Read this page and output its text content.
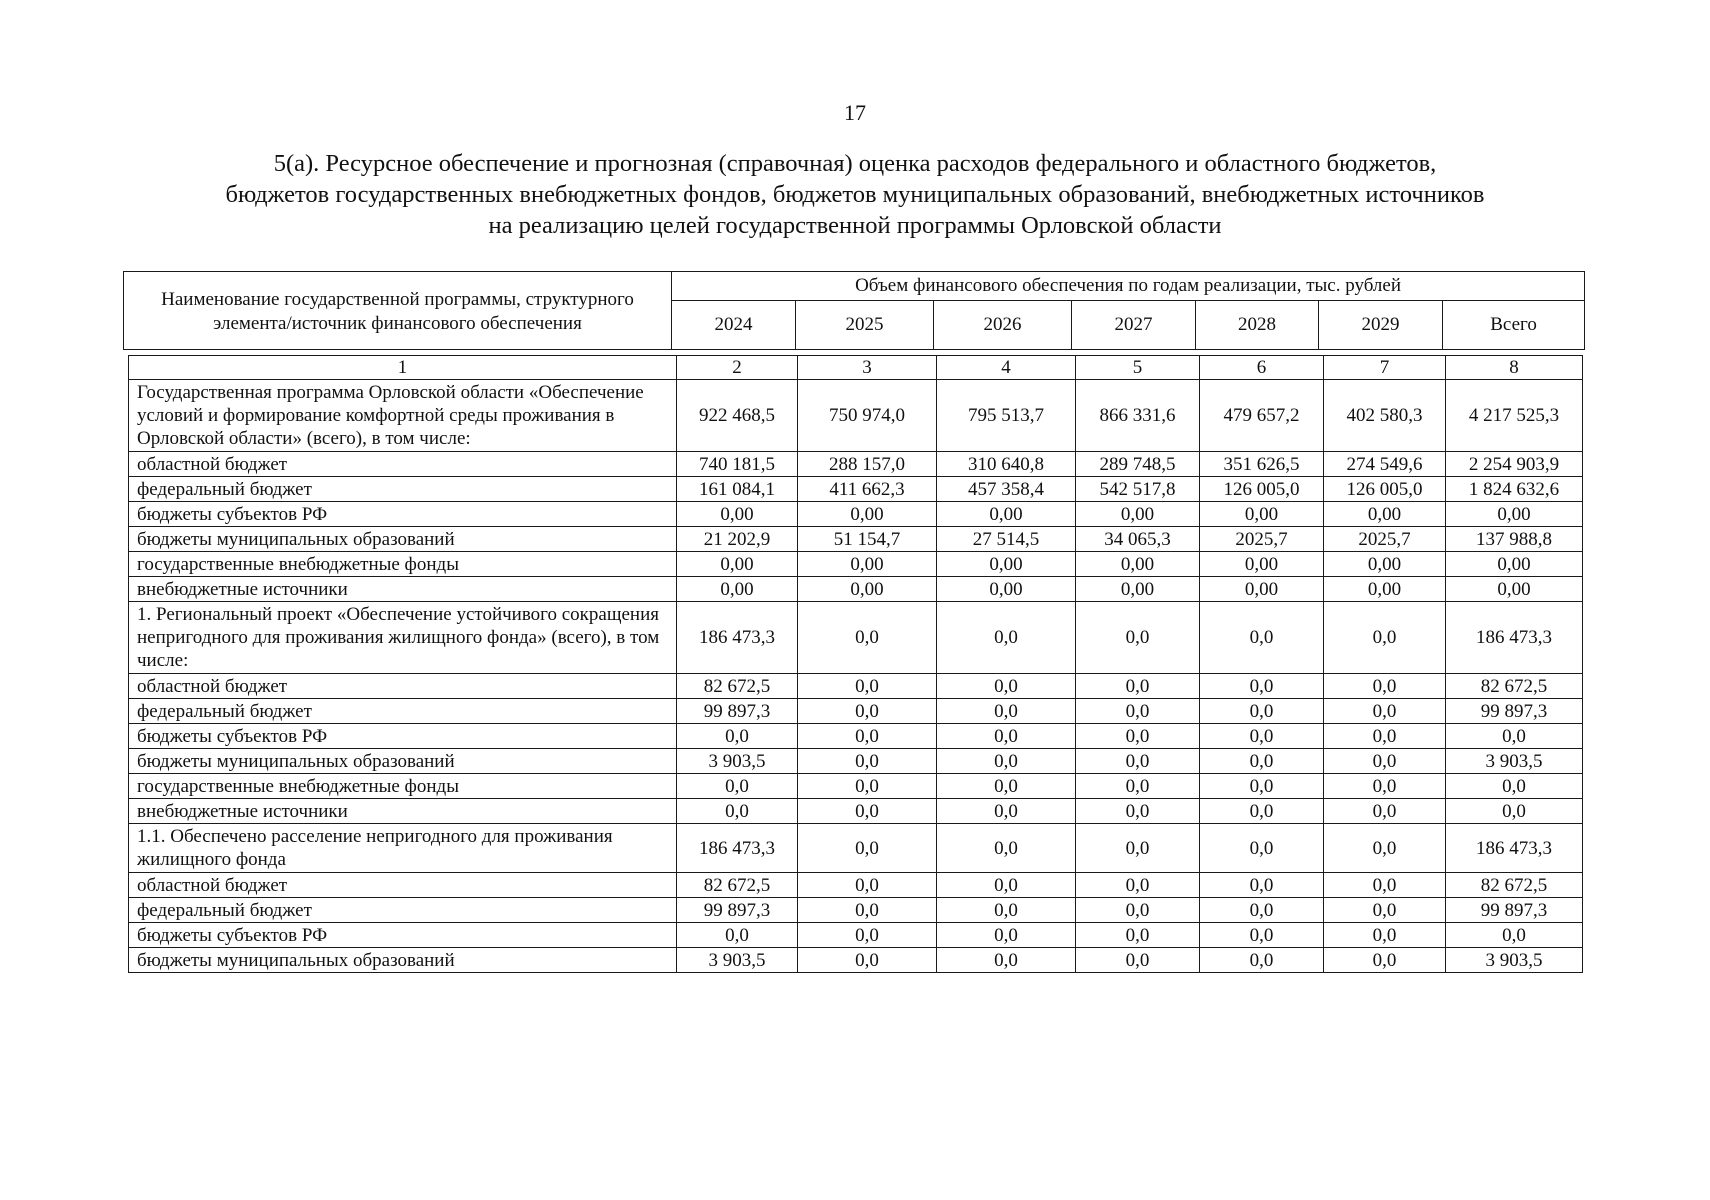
17
5(а). Ресурсное обеспечение и прогнозная (справочная) оценка расходов федерального и областного бюджетов,
бюджетов государственных внебюджетных фондов, бюджетов муниципальных образований, внебюджетных источников
на реализацию целей государственной программы Орловской области
Наименование государственной программы, структурного элемента/источник финансового обеспечения	Объем финансового обеспечения по годам реализации, тыс. рублей						
	2024	2025	2026	2027	2028	2029	Всего
1	2	3	4	5	6	7	8
Государственная программа Орловской области «Обеспечение условий и формирование комфортной среды проживания в Орловской области» (всего), в том числе:	922 468,5	750 974,0	795 513,7	866 331,6	479 657,2	402 580,3	4 217 525,3
областной бюджет	740 181,5	288 157,0	310 640,8	289 748,5	351 626,5	274 549,6	2 254 903,9
федеральный бюджет	161 084,1	411 662,3	457 358,4	542 517,8	126 005,0	126 005,0	1 824 632,6
бюджеты субъектов РФ	0,00	0,00	0,00	0,00	0,00	0,00	0,00
бюджеты муниципальных образований	21 202,9	51 154,7	27 514,5	34 065,3	2025,7	2025,7	137 988,8
государственные внебюджетные фонды	0,00	0,00	0,00	0,00	0,00	0,00	0,00
внебюджетные источники	0,00	0,00	0,00	0,00	0,00	0,00	0,00
1. Региональный проект «Обеспечение устойчивого сокращения непригодного для проживания жилищного фонда» (всего), в том числе:	186 473,3	0,0	0,0	0,0	0,0	0,0	186 473,3
областной бюджет	82 672,5	0,0	0,0	0,0	0,0	0,0	82 672,5
федеральный бюджет	99 897,3	0,0	0,0	0,0	0,0	0,0	99 897,3
бюджеты субъектов РФ	0,0	0,0	0,0	0,0	0,0	0,0	0,0
бюджеты муниципальных образований	3 903,5	0,0	0,0	0,0	0,0	0,0	3 903,5
государственные внебюджетные фонды	0,0	0,0	0,0	0,0	0,0	0,0	0,0
внебюджетные источники	0,0	0,0	0,0	0,0	0,0	0,0	0,0
1.1. Обеспечено расселение непригодного для проживания жилищного фонда	186 473,3	0,0	0,0	0,0	0,0	0,0	186 473,3
областной бюджет	82 672,5	0,0	0,0	0,0	0,0	0,0	82 672,5
федеральный бюджет	99 897,3	0,0	0,0	0,0	0,0	0,0	99 897,3
бюджеты субъектов РФ	0,0	0,0	0,0	0,0	0,0	0,0	0,0
бюджеты муниципальных образований	3 903,5	0,0	0,0	0,0	0,0	0,0	3 903,5
